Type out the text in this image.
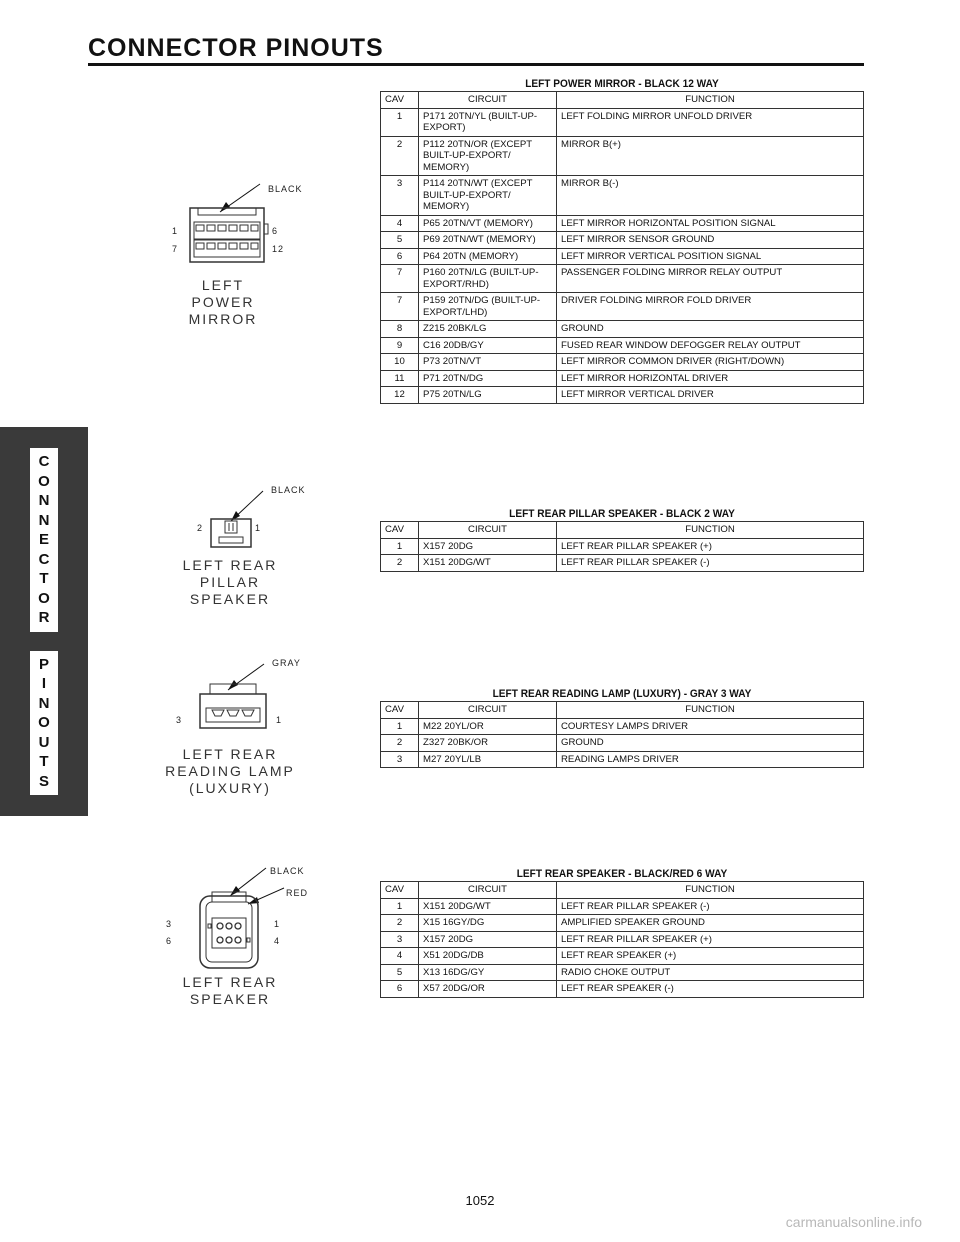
CONNECTOR PINOUTS
C
O
N
N
E
C
T
O
R
P
I
N
O
U
T
S
LEFT POWER MIRROR - BLACK 12 WAY
CAV	CIRCUIT	FUNCTION
1	P171 20TN/YL (BUILT-UP-EXPORT)	LEFT FOLDING MIRROR UNFOLD DRIVER
2	P112 20TN/OR (EXCEPT BUILT-UP-EXPORT/ MEMORY)	MIRROR B(+)
3	P114 20TN/WT (EXCEPT BUILT-UP-EXPORT/ MEMORY)	MIRROR B(-)
4	P65 20TN/VT (MEMORY)	LEFT MIRROR HORIZONTAL POSITION SIGNAL
5	P69 20TN/WT (MEMORY)	LEFT MIRROR SENSOR GROUND
6	P64 20TN (MEMORY)	LEFT MIRROR VERTICAL POSITION SIGNAL
7	P160 20TN/LG (BUILT-UP-EXPORT/RHD)	PASSENGER FOLDING MIRROR RELAY OUTPUT
7	P159 20TN/DG (BUILT-UP-EXPORT/LHD)	DRIVER FOLDING MIRROR FOLD DRIVER
8	Z215 20BK/LG	GROUND
9	C16 20DB/GY	FUSED REAR WINDOW DEFOGGER RELAY OUTPUT
10	P73 20TN/VT	LEFT MIRROR COMMON DRIVER (RIGHT/DOWN)
11	P71 20TN/DG	LEFT MIRROR HORIZONTAL DRIVER
12	P75 20TN/LG	LEFT MIRROR VERTICAL DRIVER
BLACK
1	6
7	12
LEFT
POWER
MIRROR
LEFT REAR PILLAR SPEAKER - BLACK 2 WAY
CAV	CIRCUIT	FUNCTION
1	X157 20DG	LEFT REAR PILLAR SPEAKER (+)
2	X151 20DG/WT	LEFT REAR PILLAR SPEAKER (-)
BLACK
2	1
LEFT REAR
PILLAR SPEAKER
LEFT REAR READING LAMP (LUXURY) - GRAY 3 WAY
CAV	CIRCUIT	FUNCTION
1	M22 20YL/OR	COURTESY LAMPS DRIVER
2	Z327 20BK/OR	GROUND
3	M27 20YL/LB	READING LAMPS DRIVER
GRAY
3	1
LEFT REAR
READING LAMP
(LUXURY)
LEFT REAR SPEAKER - BLACK/RED 6 WAY
CAV	CIRCUIT	FUNCTION
1	X151 20DG/WT	LEFT REAR PILLAR SPEAKER (-)
2	X15 16GY/DG	AMPLIFIED SPEAKER GROUND
3	X157 20DG	LEFT REAR PILLAR SPEAKER (+)
4	X51 20DG/DB	LEFT REAR SPEAKER (+)
5	X13 16DG/GY	RADIO CHOKE OUTPUT
6	X57 20DG/OR	LEFT REAR SPEAKER (-)
BLACK
RED
3	1
6	4
LEFT REAR
SPEAKER
1052
carmanualsonline.info
